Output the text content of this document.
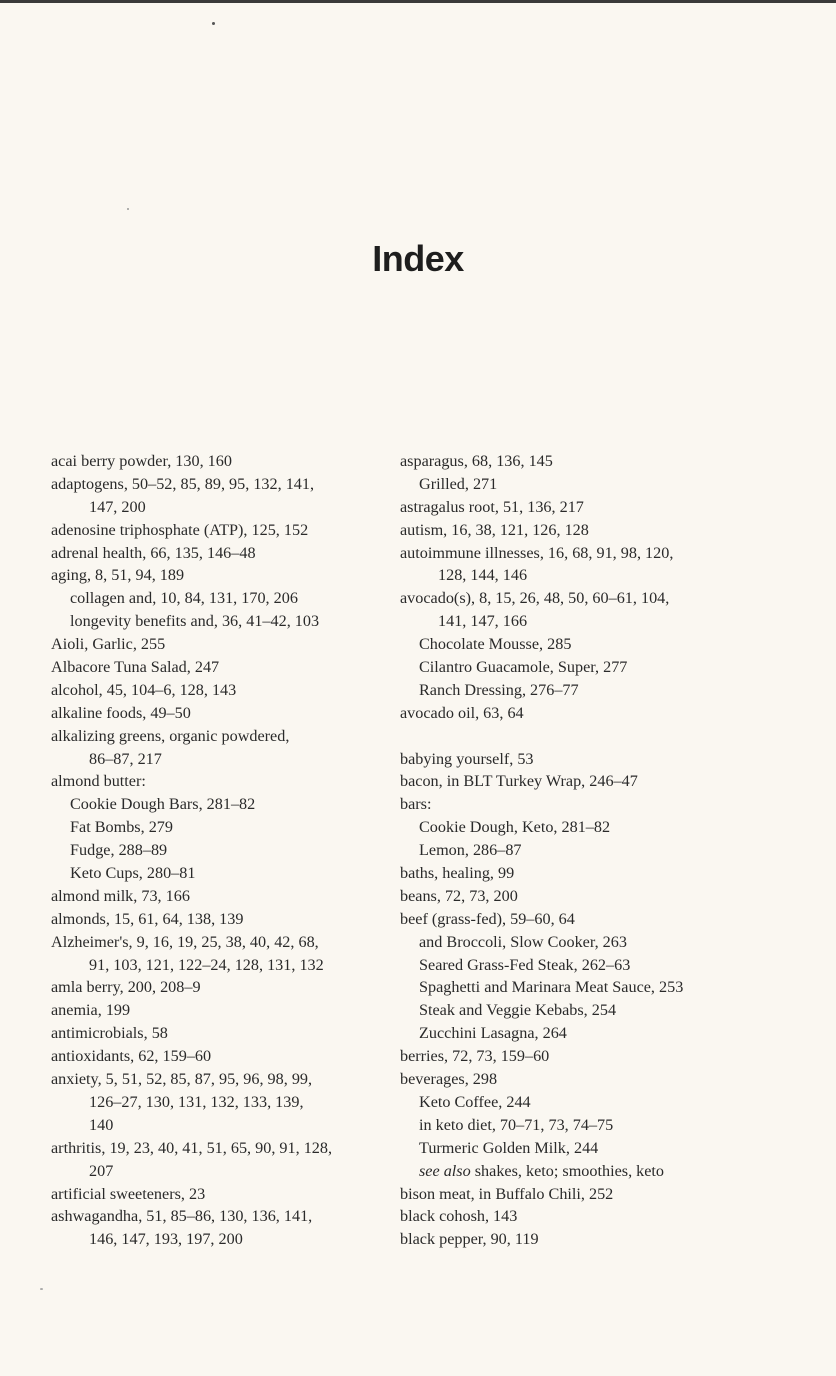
Index
acai berry powder, 130, 160
adaptogens, 50–52, 85, 89, 95, 132, 141,
147, 200
adenosine triphosphate (ATP), 125, 152
adrenal health, 66, 135, 146–48
aging, 8, 51, 94, 189
collagen and, 10, 84, 131, 170, 206
longevity benefits and, 36, 41–42, 103
Aioli, Garlic, 255
Albacore Tuna Salad, 247
alcohol, 45, 104–6, 128, 143
alkaline foods, 49–50
alkalizing greens, organic powdered,
86–87, 217
almond butter:
Cookie Dough Bars, 281–82
Fat Bombs, 279
Fudge, 288–89
Keto Cups, 280–81
almond milk, 73, 166
almonds, 15, 61, 64, 138, 139
Alzheimer's, 9, 16, 19, 25, 38, 40, 42, 68,
91, 103, 121, 122–24, 128, 131, 132
amla berry, 200, 208–9
anemia, 199
antimicrobials, 58
antioxidants, 62, 159–60
anxiety, 5, 51, 52, 85, 87, 95, 96, 98, 99,
126–27, 130, 131, 132, 133, 139,
140
arthritis, 19, 23, 40, 41, 51, 65, 90, 91, 128,
207
artificial sweeteners, 23
ashwagandha, 51, 85–86, 130, 136, 141,
146, 147, 193, 197, 200
asparagus, 68, 136, 145
Grilled, 271
astragalus root, 51, 136, 217
autism, 16, 38, 121, 126, 128
autoimmune illnesses, 16, 68, 91, 98, 120,
128, 144, 146
avocado(s), 8, 15, 26, 48, 50, 60–61, 104,
141, 147, 166
Chocolate Mousse, 285
Cilantro Guacamole, Super, 277
Ranch Dressing, 276–77
avocado oil, 63, 64
babying yourself, 53
bacon, in BLT Turkey Wrap, 246–47
bars:
Cookie Dough, Keto, 281–82
Lemon, 286–87
baths, healing, 99
beans, 72, 73, 200
beef (grass-fed), 59–60, 64
and Broccoli, Slow Cooker, 263
Seared Grass-Fed Steak, 262–63
Spaghetti and Marinara Meat Sauce, 253
Steak and Veggie Kebabs, 254
Zucchini Lasagna, 264
berries, 72, 73, 159–60
beverages, 298
Keto Coffee, 244
in keto diet, 70–71, 73, 74–75
Turmeric Golden Milk, 244
see also shakes, keto; smoothies, keto
bison meat, in Buffalo Chili, 252
black cohosh, 143
black pepper, 90, 119
